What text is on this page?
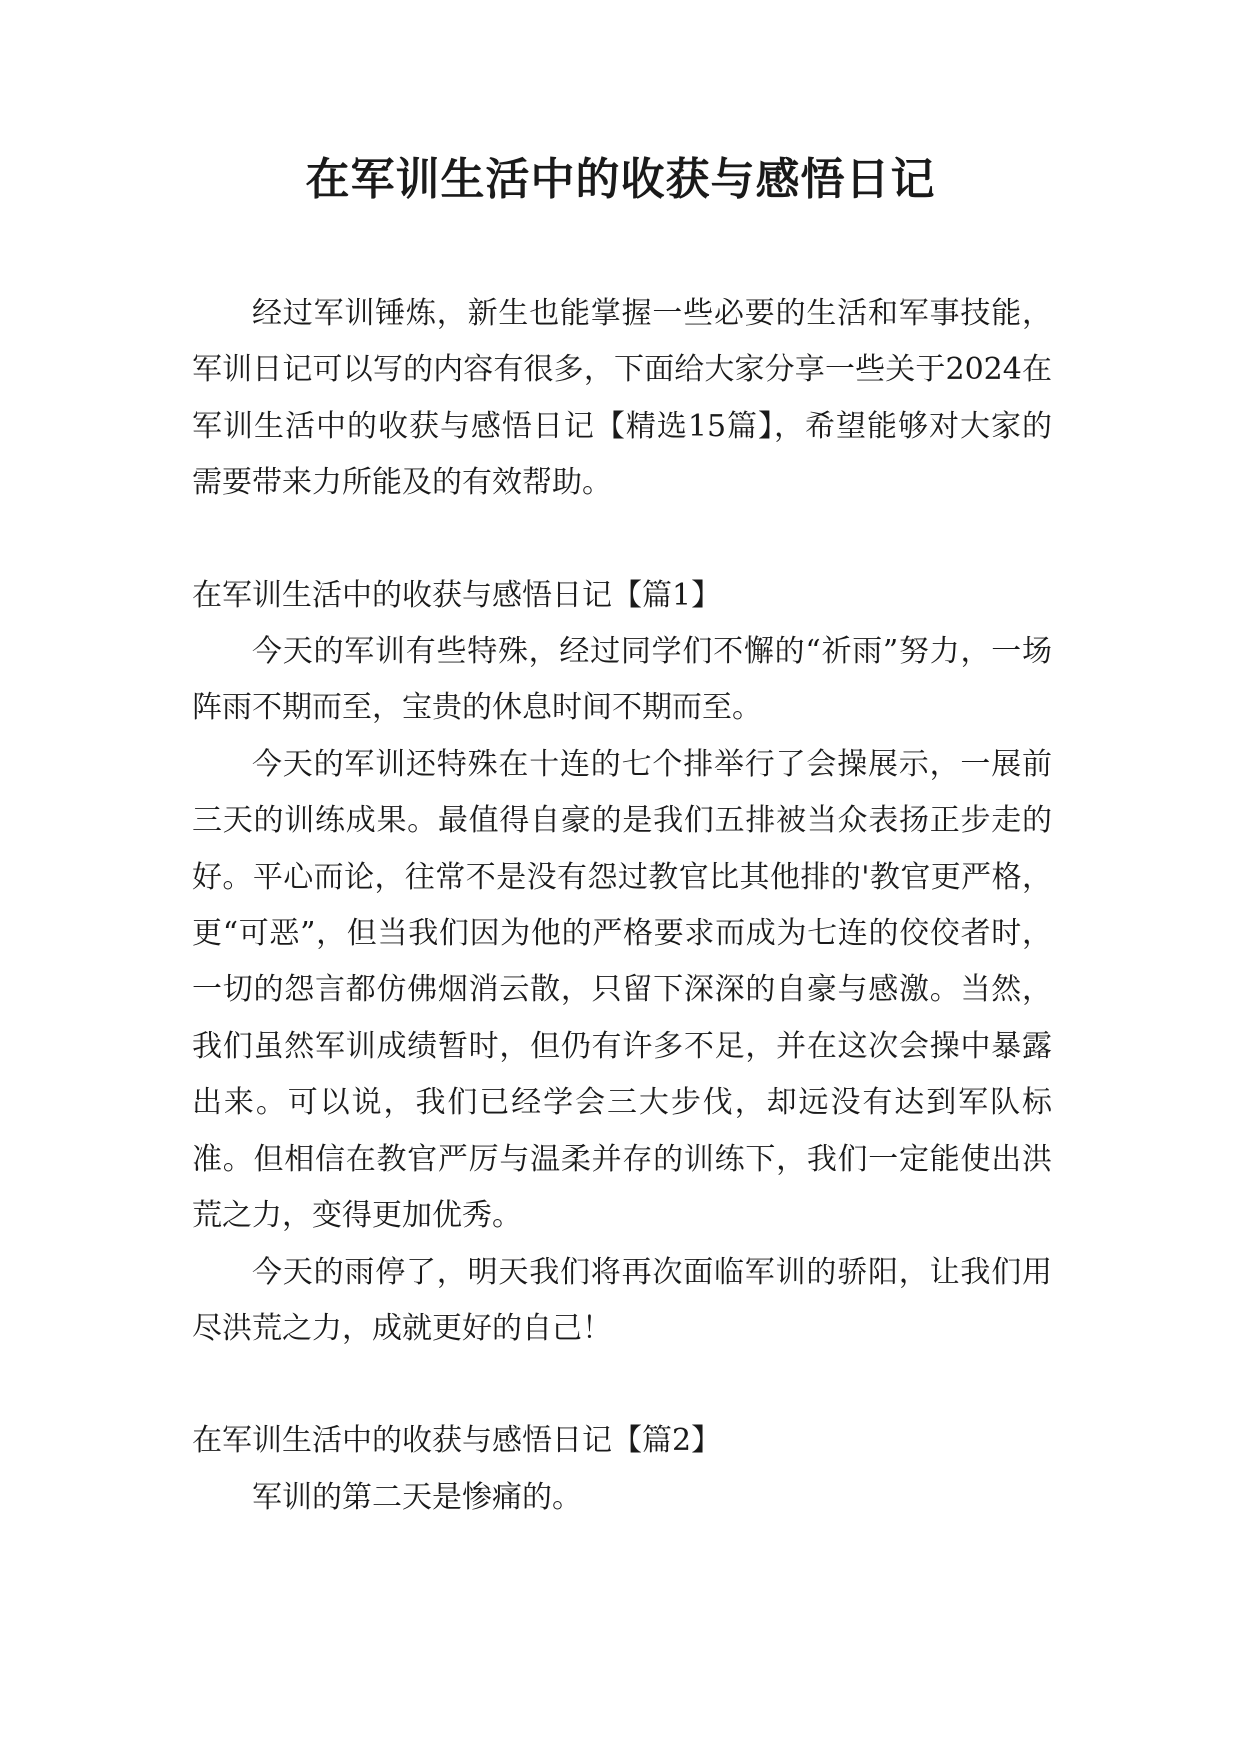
在军训生活中的收获与感悟日记

经过军训锤炼，新生也能掌握一些必要的生活和军事技能，军训日记可以写的内容有很多，下面给大家分享一些关于2024在军训生活中的收获与感悟日记【精选15篇】，希望能够对大家的需要带来力所能及的有效帮助。

在军训生活中的收获与感悟日记【篇1】

今天的军训有些特殊，经过同学们不懈的“祈雨”努力，一场阵雨不期而至，宝贵的休息时间不期而至。

今天的军训还特殊在十连的七个排举行了会操展示，一展前三天的训练成果。最值得自豪的是我们五排被当众表扬正步走的好。平心而论，往常不是没有怨过教官比其他排的'教官更严格，更“可恶”，但当我们因为他的严格要求而成为七连的佼佼者时，一切的怨言都仿佛烟消云散，只留下深深的自豪与感激。当然，我们虽然军训成绩暂时，但仍有许多不足，并在这次会操中暴露出来。可以说，我们已经学会三大步伐，却远没有达到军队标准。但相信在教官严厉与温柔并存的训练下，我们一定能使出洪荒之力，变得更加优秀。

今天的雨停了，明天我们将再次面临军训的骄阳，让我们用尽洪荒之力，成就更好的自己！

在军训生活中的收获与感悟日记【篇2】

军训的第二天是惨痛的。
